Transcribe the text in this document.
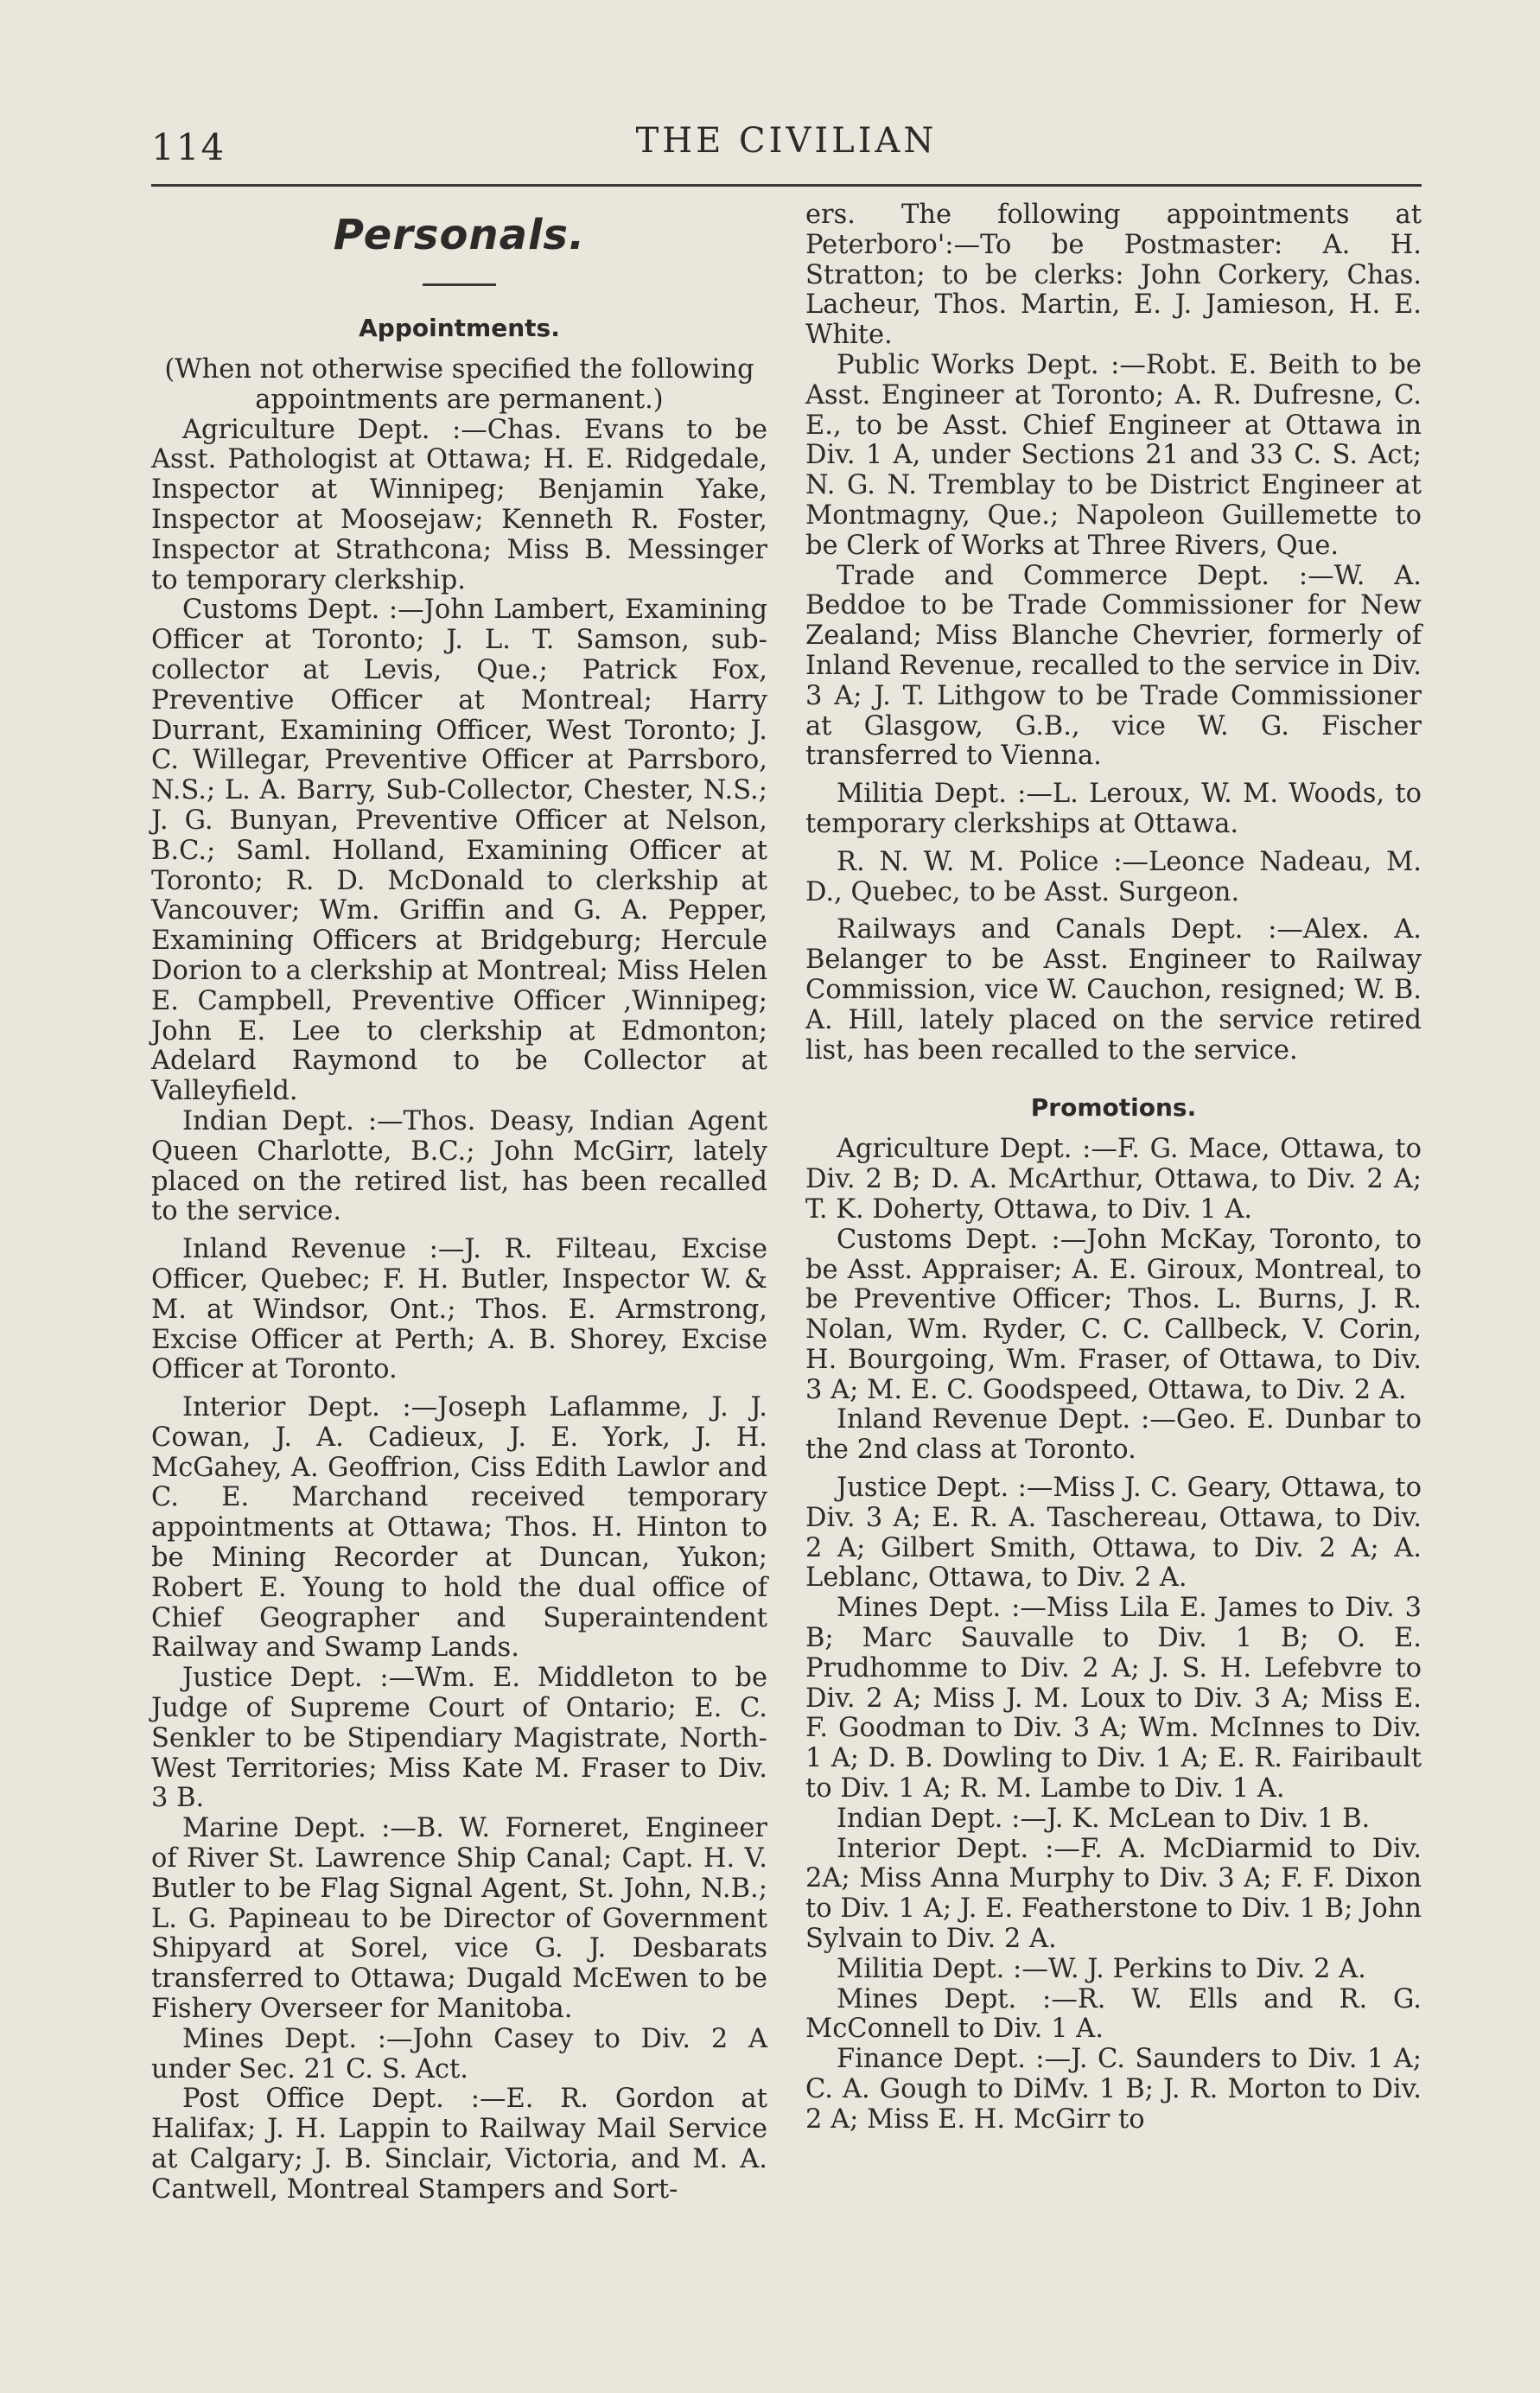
114	THE CIVILIAN
Personals.
Appointments.

(When not otherwise specified the following appointments are permanent.)

Agriculture Dept. :—Chas. Evans to be Asst. Pathologist at Ottawa; H. E. Ridgedale, Inspector at Winnipeg; Benjamin Yake, Inspector at Moosejaw; Kenneth R. Foster, Inspector at Strathcona; Miss B. Messinger to temporary clerkship.

Customs Dept. :—John Lambert, Examining Officer at Toronto; J. L. T. Samson, sub-collector at Levis, Que.; Patrick Fox, Preventive Officer at Montreal; Harry Durrant, Examining Officer, West Toronto; J. C. Willegar, Preventive Officer at Parrsboro, N.S.; L. A. Barry, Sub-Collector, Chester, N.S.; J. G. Bunyan, Preventive Officer at Nelson, B.C.; Saml. Holland, Examining Officer at Toronto; R. D. McDonald to clerkship at Vancouver; Wm. Griffin and G. A. Pepper, Examining Officers at Bridgeburg; Hercule Dorion to a clerkship at Montreal; Miss Helen E. Campbell, Preventive Officer ,Winnipeg; John E. Lee to clerkship at Edmonton; Adelard Raymond to be Collector at Valleyfield.

Indian Dept. :—Thos. Deasy, Indian Agent Queen Charlotte, B.C.; John McGirr, lately placed on the retired list, has been recalled to the service.

Inland Revenue :—J. R. Filteau, Excise Officer, Quebec; F. H. Butler, Inspector W. & M. at Windsor, Ont.; Thos. E. Armstrong, Excise Officer at Perth; A. B. Shorey, Excise Officer at Toronto.

Interior Dept. :—Joseph Laflamme, J. J. Cowan, J. A. Cadieux, J. E. York, J. H. McGahey, A. Geoffrion, Ciss Edith Lawlor and C. E. Marchand received temporary appointments at Ottawa; Thos. H. Hinton to be Mining Recorder at Duncan, Yukon; Robert E. Young to hold the dual office of Chief Geographer and Superaintendent Railway and Swamp Lands.

Justice Dept. :—Wm. E. Middleton to be Judge of Supreme Court of Ontario; E. C. Senkler to be Stipendiary Magistrate, North-West Territories; Miss Kate M. Fraser to Div. 3 B.

Marine Dept. :—B. W. Forneret, Engineer of River St. Lawrence Ship Canal; Capt. H. V. Butler to be Flag Signal Agent, St. John, N.B.; L. G. Papineau to be Director of Government Shipyard at Sorel, vice G. J. Desbarats transferred to Ottawa; Dugald McEwen to be Fishery Overseer for Manitoba.

Mines Dept. :—John Casey to Div. 2 A under Sec. 21 C. S. Act.

Post Office Dept. :—E. R. Gordon at Halifax; J. H. Lappin to Railway Mail Service at Calgary; J. B. Sinclair, Victoria, and M. A. Cantwell, Montreal Stampers and Sort-

ers. The following appointments at Peterboro':—To be Postmaster: A. H. Stratton; to be clerks: John Corkery, Chas. Lacheur, Thos. Martin, E. J. Jamieson, H. E. White.

Public Works Dept. :—Robt. E. Beith to be Asst. Engineer at Toronto; A. R. Dufresne, C. E., to be Asst. Chief Engineer at Ottawa in Div. 1 A, under Sections 21 and 33 C. S. Act; N. G. N. Tremblay to be District Engineer at Montmagny, Que.; Napoleon Guillemette to be Clerk of Works at Three Rivers, Que.

Trade and Commerce Dept. :—W. A. Beddoe to be Trade Commissioner for New Zealand; Miss Blanche Chevrier, formerly of Inland Revenue, recalled to the service in Div. 3 A; J. T. Lithgow to be Trade Commissioner at Glasgow, G.B., vice W. G. Fischer transferred to Vienna.

Militia Dept. :—L. Leroux, W. M. Woods, to temporary clerkships at Ottawa.

R. N. W. M. Police :—Leonce Nadeau, M. D., Quebec, to be Asst. Surgeon.

Railways and Canals Dept. :—Alex. A. Belanger to be Asst. Engineer to Railway Commission, vice W. Cauchon, resigned; W. B. A. Hill, lately placed on the service retired list, has been recalled to the service.

Promotions.

Agriculture Dept. :—F. G. Mace, Ottawa, to Div. 2 B; D. A. McArthur, Ottawa, to Div. 2 A; T. K. Doherty, Ottawa, to Div. 1 A.

Customs Dept. :—John McKay, Toronto, to be Asst. Appraiser; A. E. Giroux, Montreal, to be Preventive Officer; Thos. L. Burns, J. R. Nolan, Wm. Ryder, C. C. Callbeck, V. Corin, H. Bourgoing, Wm. Fraser, of Ottawa, to Div. 3 A; M. E. C. Goodspeed, Ottawa, to Div. 2 A.

Inland Revenue Dept. :—Geo. E. Dunbar to the 2nd class at Toronto.

Justice Dept. :—Miss J. C. Geary, Ottawa, to Div. 3 A; E. R. A. Taschereau, Ottawa, to Div. 2 A; Gilbert Smith, Ottawa, to Div. 2 A; A. Leblanc, Ottawa, to Div. 2 A.

Mines Dept. :—Miss Lila E. James to Div. 3 B; Marc Sauvalle to Div. 1 B; O. E. Prudhomme to Div. 2 A; J. S. H. Lefebvre to Div. 2 A; Miss J. M. Loux to Div. 3 A; Miss E. F. Goodman to Div. 3 A; Wm. McInnes to Div. 1 A; D. B. Dowling to Div. 1 A; E. R. Fairibault to Div. 1 A; R. M. Lambe to Div. 1 A.

Indian Dept. :—J. K. McLean to Div. 1 B.

Interior Dept. :—F. A. McDiarmid to Div. 2A; Miss Anna Murphy to Div. 3 A; F. F. Dixon to Div. 1 A; J. E. Featherstone to Div. 1 B; John Sylvain to Div. 2 A.

Militia Dept. :—W. J. Perkins to Div. 2 A.

Mines Dept. :—R. W. Ells and R. G. McConnell to Div. 1 A.

Finance Dept. :—J. C. Saunders to Div. 1 A; C. A. Gough to DiMv. 1 B; J. R. Morton to Div. 2 A; Miss E. H. McGirr to
